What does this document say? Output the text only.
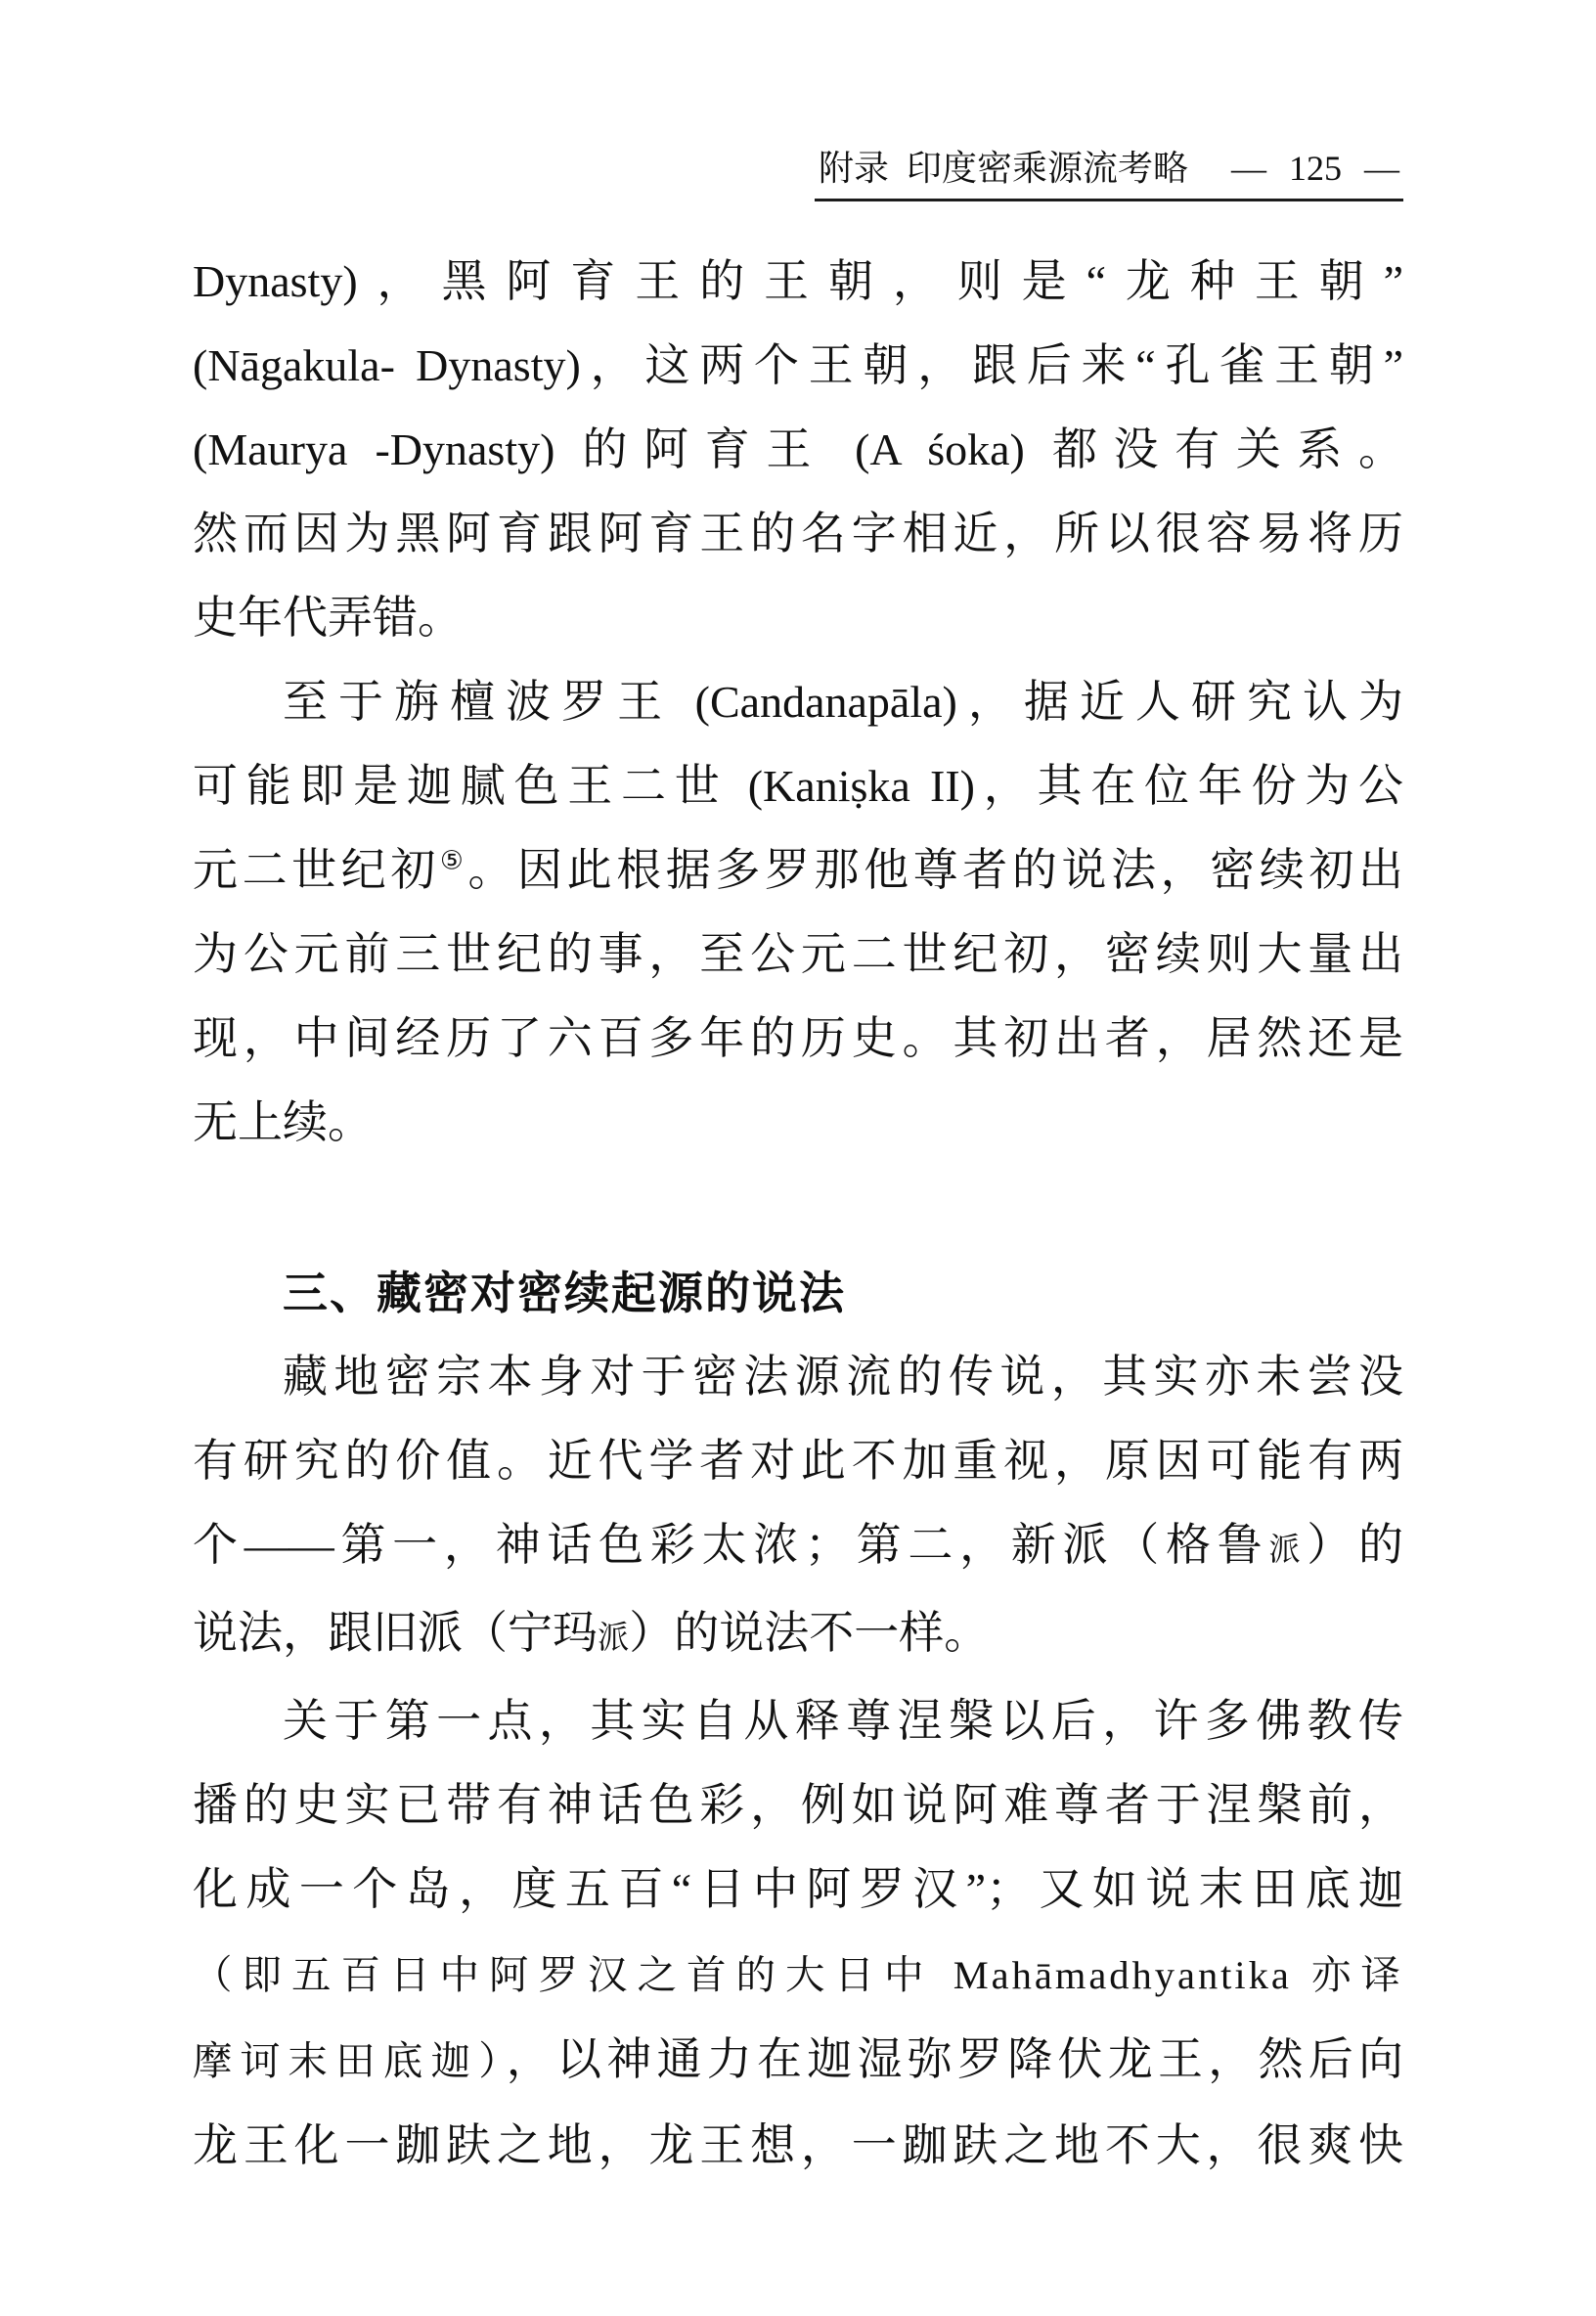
附录 印度密乘源流考略 — 125 —
Dynasty)，黑阿育王的王朝，则是“龙种王朝”
(Nāgakula- Dynasty)，这两个王朝，跟后来“孔雀王朝”
(Maurya -Dynasty) 的阿育王 (A śoka) 都没有关系。
然而因为黑阿育跟阿育王的名字相近，所以很容易将历
史年代弄错。
至于旃檀波罗王 (Candanapāla)，据近人研究认为
可能即是迦腻色王二世 (Kaniṣka II)，其在位年份为公
元二世纪初⑤。因此根据多罗那他尊者的说法，密续初出
为公元前三世纪的事，至公元二世纪初，密续则大量出
现，中间经历了六百多年的历史。其初出者，居然还是
无上续。
三、藏密对密续起源的说法
藏地密宗本身对于密法源流的传说，其实亦未尝没
有研究的价值。近代学者对此不加重视，原因可能有两
个——第一，神话色彩太浓；第二，新派（格鲁派）的
说法，跟旧派（宁玛派）的说法不一样。
关于第一点，其实自从释尊涅槃以后，许多佛教传
播的史实已带有神话色彩，例如说阿难尊者于涅槃前，
化成一个岛，度五百“日中阿罗汉”；又如说末田底迦
（即五百日中阿罗汉之首的大日中 Mahāmadhyantika 亦译
摩诃末田底迦），以神通力在迦湿弥罗降伏龙王，然后向
龙王化一跏趺之地，龙王想，一跏趺之地不大，很爽快
